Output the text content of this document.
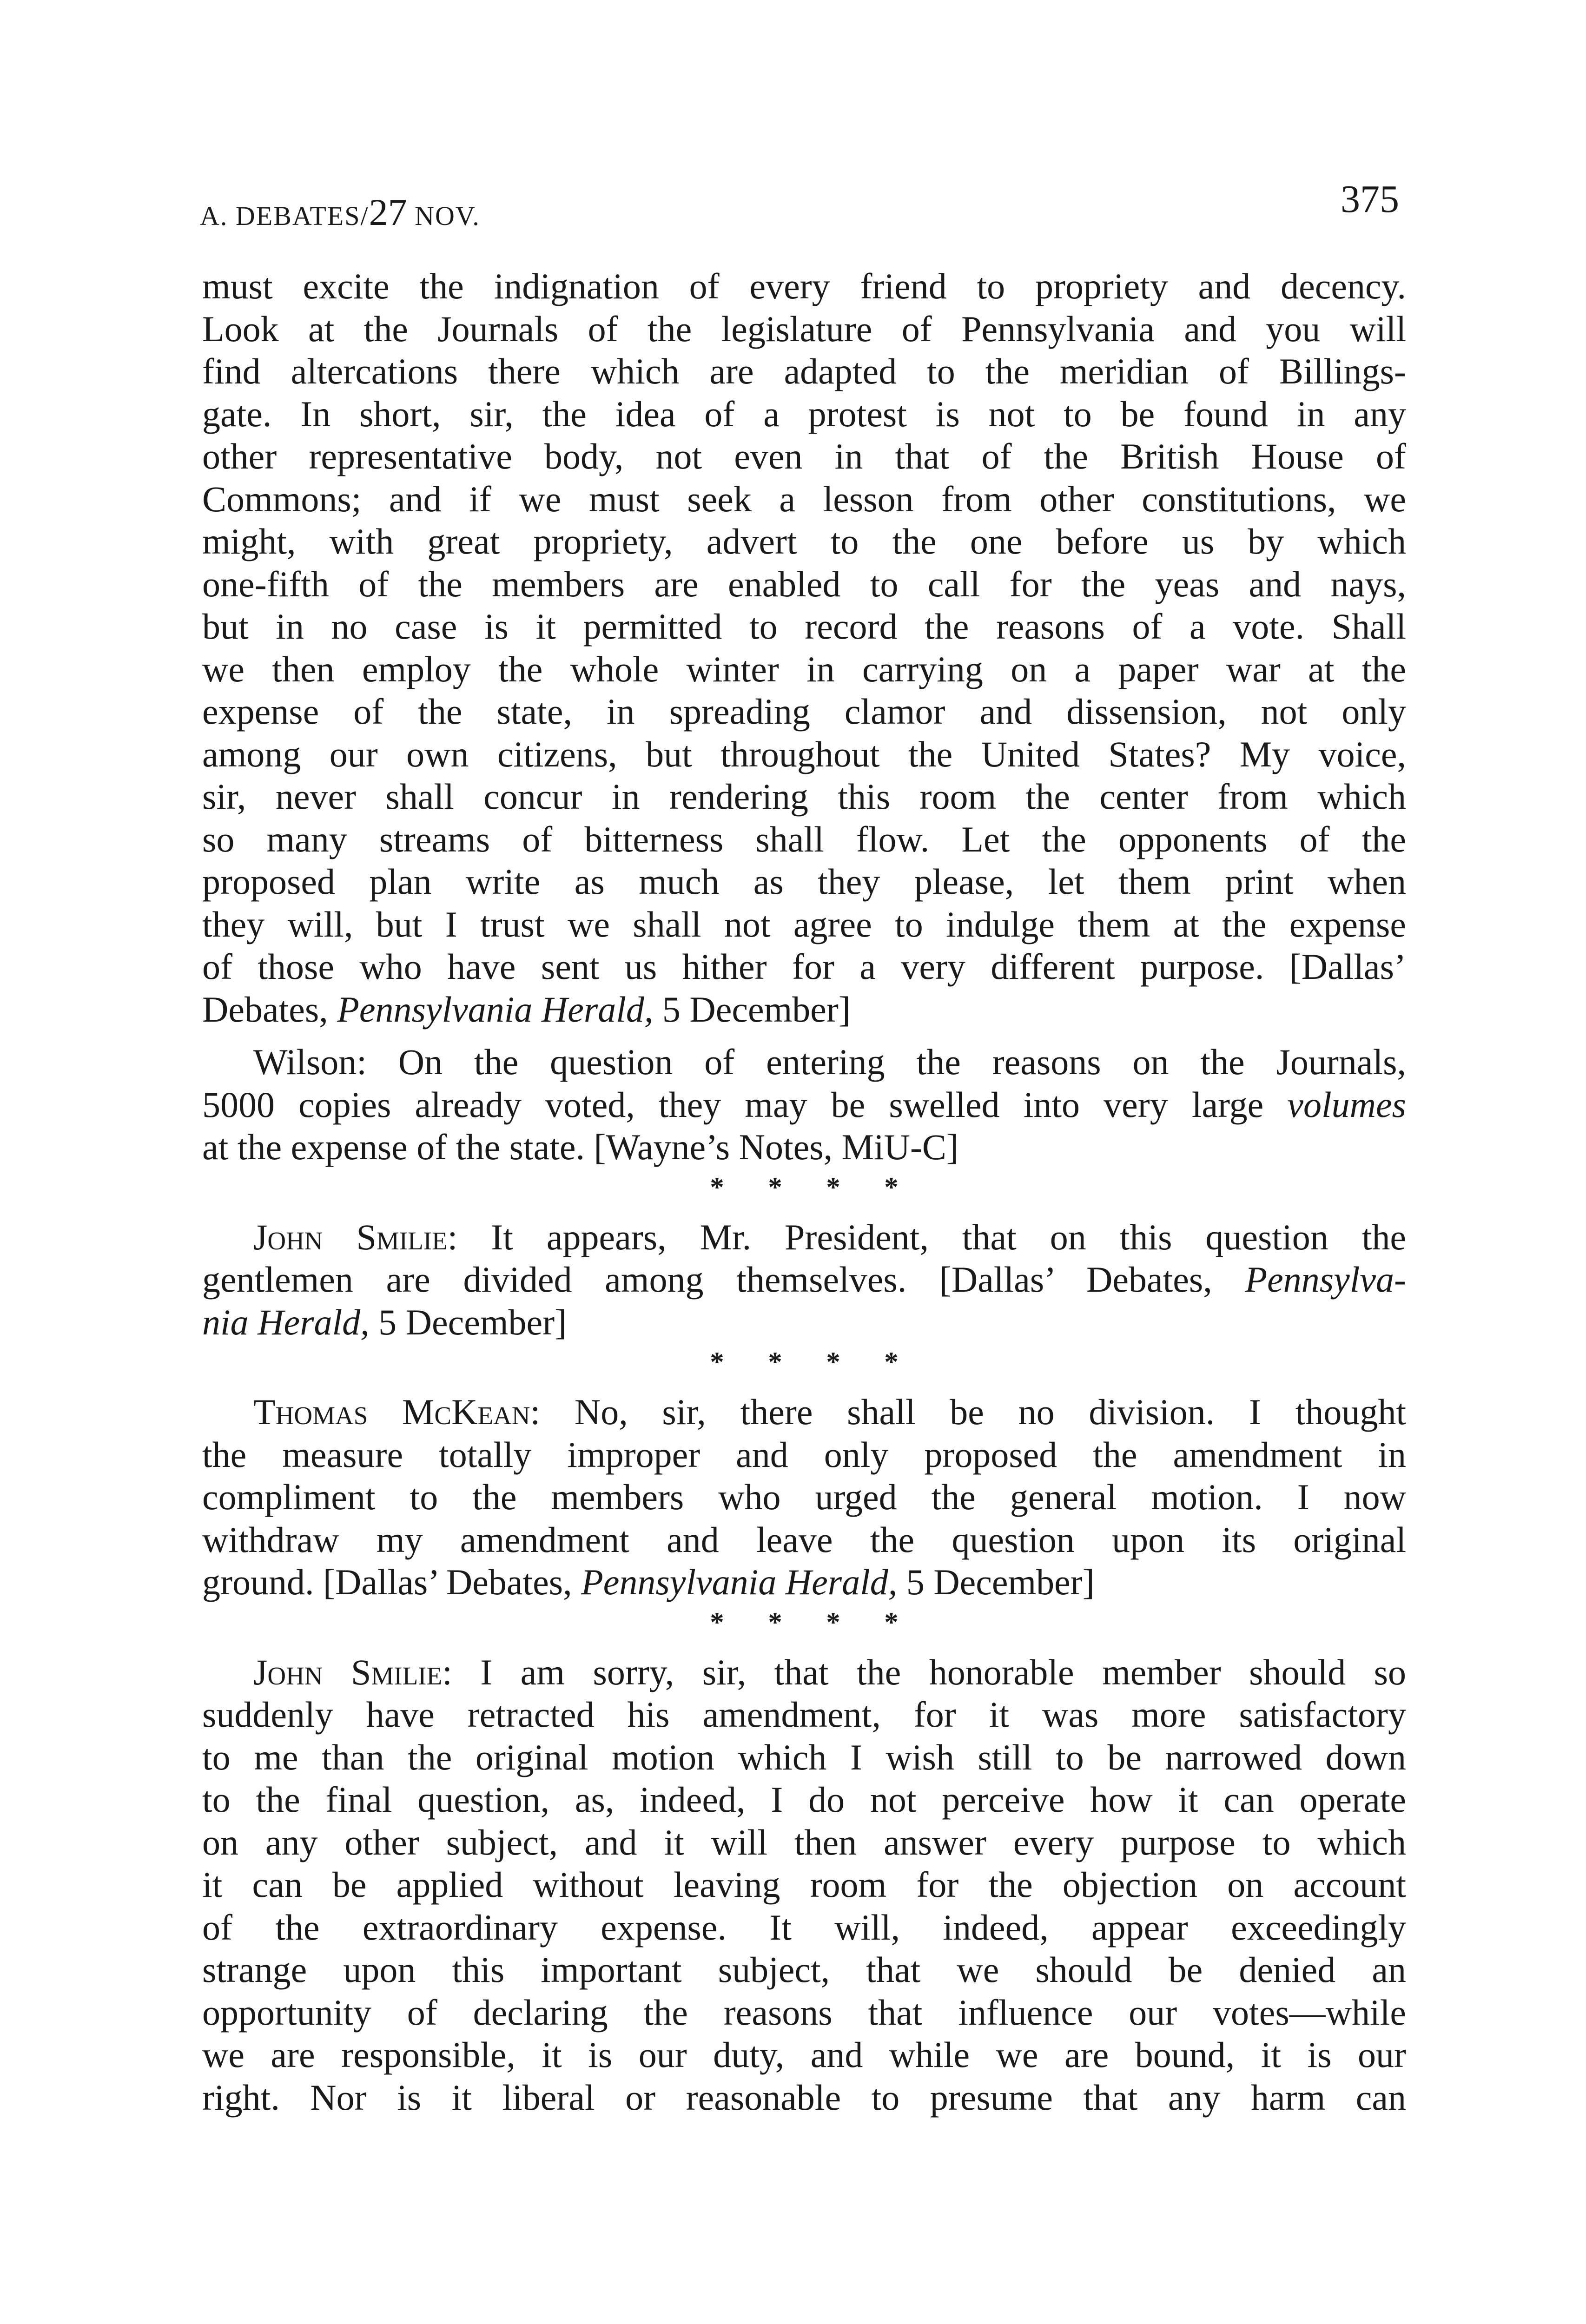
A. DEBATES/27 NOV.	375
must excite the indignation of every friend to propriety and decency.
Look at the Journals of the legislature of Pennsylvania and you will
find altercations there which are adapted to the meridian of Billings-
gate. In short, sir, the idea of a protest is not to be found in any
other representative body, not even in that of the British House of
Commons; and if we must seek a lesson from other constitutions, we
might, with great propriety, advert to the one before us by which
one-fifth of the members are enabled to call for the yeas and nays,
but in no case is it permitted to record the reasons of a vote. Shall
we then employ the whole winter in carrying on a paper war at the
expense of the state, in spreading clamor and dissension, not only
among our own citizens, but throughout the United States? My voice,
sir, never shall concur in rendering this room the center from which
so many streams of bitterness shall flow. Let the opponents of the
proposed plan write as much as they please, let them print when
they will, but I trust we shall not agree to indulge them at the expense
of those who have sent us hither for a very different purpose. [Dallas’
Debates, Pennsylvania Herald, 5 December]
Wilson: On the question of entering the reasons on the Journals,
5000 copies already voted, they may be swelled into very large volumes
at the expense of the state. [Wayne’s Notes, MiU-C]
* * * *
John Smilie: It appears, Mr. President, that on this question the
gentlemen are divided among themselves. [Dallas’ Debates, Pennsylva-
nia Herald, 5 December]
* * * *
Thomas McKean: No, sir, there shall be no division. I thought
the measure totally improper and only proposed the amendment in
compliment to the members who urged the general motion. I now
withdraw my amendment and leave the question upon its original
ground. [Dallas’ Debates, Pennsylvania Herald, 5 December]
* * * *
John Smilie: I am sorry, sir, that the honorable member should so
suddenly have retracted his amendment, for it was more satisfactory
to me than the original motion which I wish still to be narrowed down
to the final question, as, indeed, I do not perceive how it can operate
on any other subject, and it will then answer every purpose to which
it can be applied without leaving room for the objection on account
of the extraordinary expense. It will, indeed, appear exceedingly
strange upon this important subject, that we should be denied an
opportunity of declaring the reasons that influence our votes—while
we are responsible, it is our duty, and while we are bound, it is our
right. Nor is it liberal or reasonable to presume that any harm can
